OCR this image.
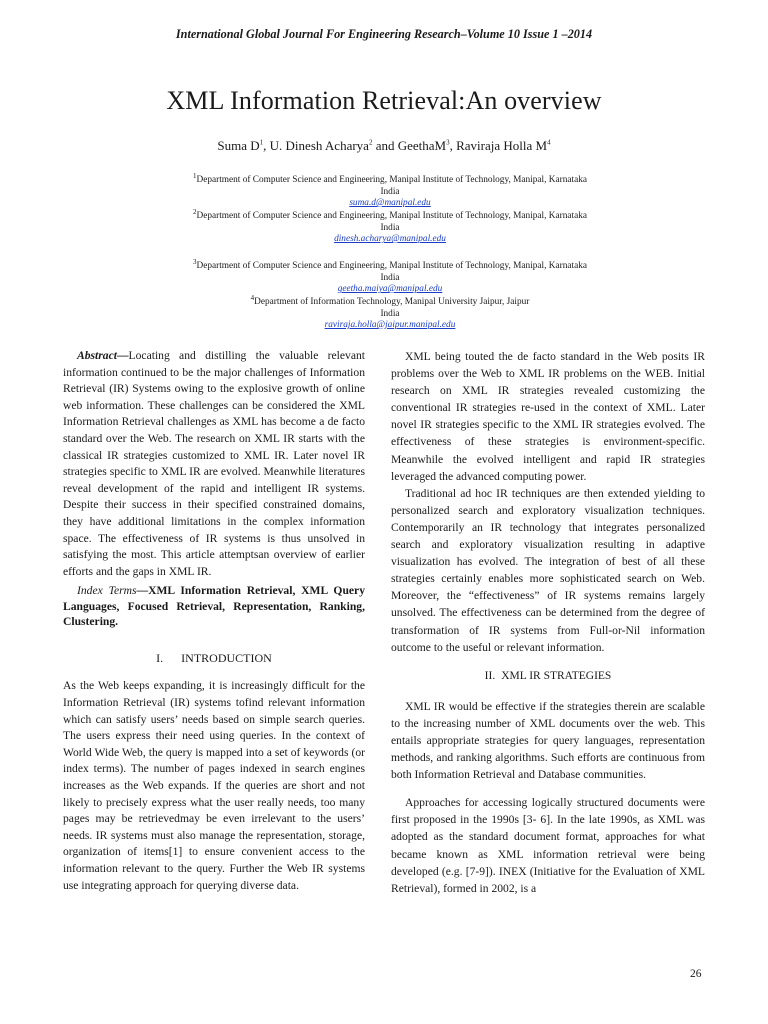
International Global Journal For Engineering Research–Volume 10 Issue 1 –2014
XML Information Retrieval:An overview
Suma $D^1$, U. Dinesh Acharya$^2$ and GeethaM$^3$, Raviraja Holla $M^4$
$^1$Department of Computer Science and Engineering, Manipal Institute of Technology, Manipal, Karnataka
India
suma.d@manipal.edu
$^2$Department of Computer Science and Engineering, Manipal Institute of Technology, Manipal, Karnataka
India
dinesh.acharya@manipal.edu
$^3$Department of Computer Science and Engineering, Manipal Institute of Technology, Manipal, Karnataka
India
geetha.maiya@manipal.edu
$^4$Department of Information Technology, Manipal University Jaipur, Jaipur
India
raviraja.holla@jaipur.manipal.edu

Abstract—Locating and distilling the valuable relevant information continued to be the major challenges of Information Retrieval (IR) Systems owing to the explosive growth of online web information. These challenges can be considered the XML Information Retrieval challenges as XML has become a de facto standard over the Web. The research on XML IR starts with the classical IR strategies customized to XML IR. Later novel IR strategies specific to XML IR are evolved. Meanwhile literatures reveal development of the rapid and intelligent IR systems. Despite their success in their specified constrained domains, they have additional limitations in the complex information space. The effectiveness of IR systems is thus unsolved in satisfying the most. This article attemptsan overview of earlier efforts and the gaps in XML IR.

Index Terms—XML Information Retrieval, XML Query Languages, Focused Retrieval, Representation, Ranking, Clustering.

I. INTRODUCTION

As the Web keeps expanding, it is increasingly difficult for the Information Retrieval (IR) systems tofind relevant information which can satisfy users’ needs based on simple search queries. The users express their need using queries. In the context of World Wide Web, the query is mapped into a set of keywords (or index terms). The number of pages indexed in search engines increases as the Web expands. If the queries are short and not likely to precisely express what the user really needs, too many pages may be retrievedmay be even irrelevant to the users’ needs. IR systems must also manage the representation, storage, organization of items[1] to ensure convenient access to the information relevant to the query. Further the Web IR systems use integrating approach for querying diverse data.

XML being touted the de facto standard in the Web posits IR problems over the Web to XML IR problems on the WEB. Initial research on XML IR strategies revealed customizing the conventional IR strategies re-used in the context of XML. Later novel IR strategies specific to the XML IR strategies evolved. The effectiveness of these strategies is environment-specific. Meanwhile the evolved intelligent and rapid IR strategies leveraged the advanced computing power.

Traditional ad hoc IR techniques are then extended yielding to personalized search and exploratory visualization techniques. Contemporarily an IR technology that integrates personalized search and exploratory visualization resulting in adaptive visualization has evolved. The integration of best of all these strategies certainly enables more sophisticated search on Web. Moreover, the “effectiveness” of IR systems remains largely unsolved. The effectiveness can be determined from the degree of transformation of IR systems from Full-or-Nil information outcome to the useful or relevant information.

II. XML IR STRATEGIES

XML IR would be effective if the strategies therein are scalable to the increasing number of XML documents over the web. This entails appropriate strategies for query languages, representation methods, and ranking algorithms. Such efforts are continuous from both Information Retrieval and Database communities.

Approaches for accessing logically structured documents were first proposed in the 1990s [3- 6]. In the late 1990s, as XML was adopted as the standard document format, approaches for what became known as XML information retrieval were being developed (e.g. [7-9]). INEX (Initiative for the Evaluation of XML Retrieval), formed in 2002, is a

26
